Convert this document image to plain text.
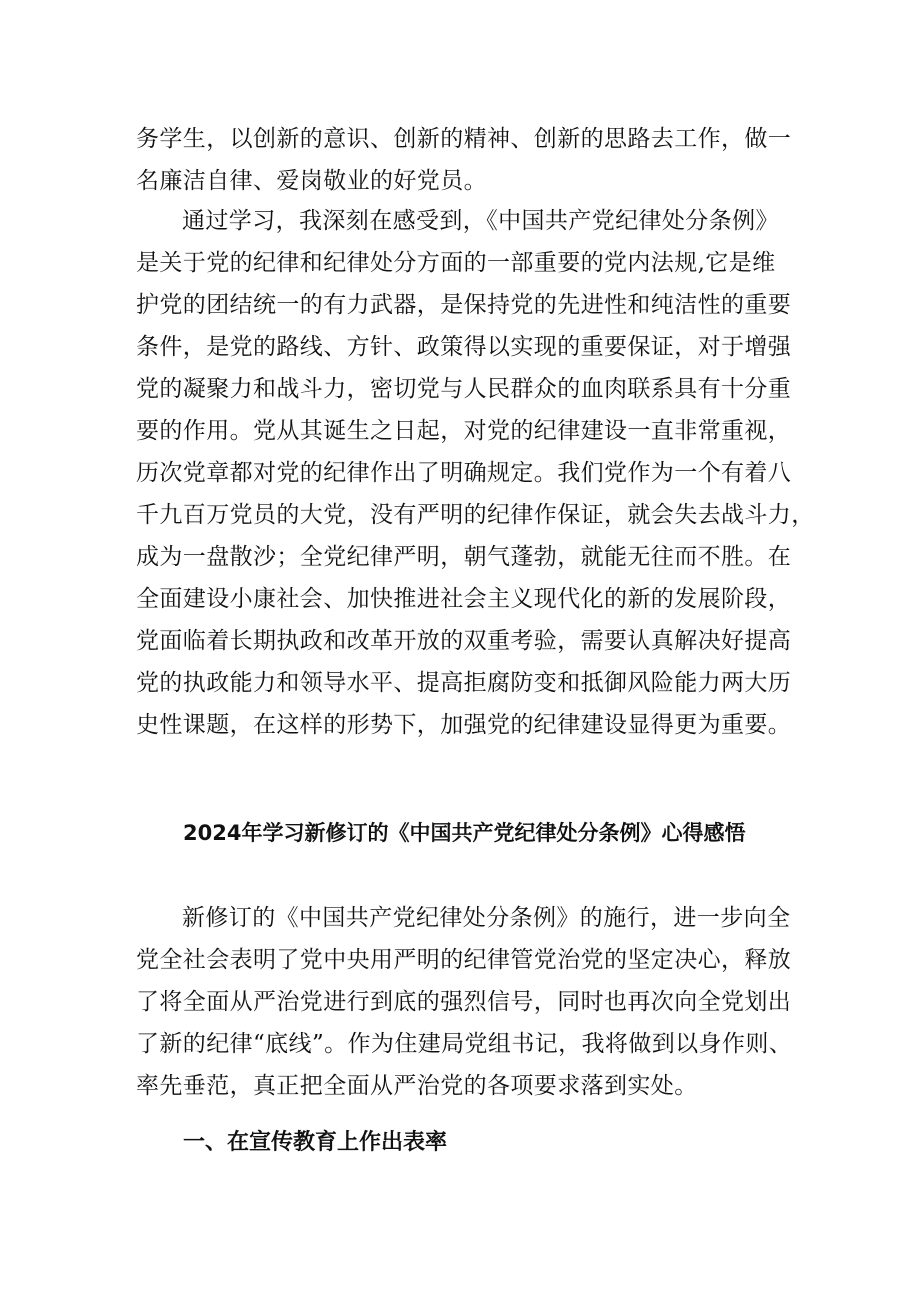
务学生，以创新的意识、创新的精神、创新的思路去工作，做一
名廉洁自律、爱岗敬业的好党员。
通过学习，我深刻在感受到，《中国共产党纪律处分条例》
是关于党的纪律和纪律处分方面的一部重要的党内法规,它是维
护党的团结统一的有力武器，是保持党的先进性和纯洁性的重要
条件，是党的路线、方针、政策得以实现的重要保证，对于增强
党的凝聚力和战斗力，密切党与人民群众的血肉联系具有十分重
要的作用。党从其诞生之日起，对党的纪律建设一直非常重视，
历次党章都对党的纪律作出了明确规定。我们党作为一个有着八
千九百万党员的大党，没有严明的纪律作保证，就会失去战斗力，
成为一盘散沙；全党纪律严明，朝气蓬勃，就能无往而不胜。在
全面建设小康社会、加快推进社会主义现代化的新的发展阶段，
党面临着长期执政和改革开放的双重考验，需要认真解决好提高
党的执政能力和领导水平、提高拒腐防变和抵御风险能力两大历
史性课题，在这样的形势下，加强党的纪律建设显得更为重要。
2024年学习新修订的《中国共产党纪律处分条例》心得感悟
新修订的《中国共产党纪律处分条例》的施行，进一步向全
党全社会表明了党中央用严明的纪律管党治党的坚定决心，释放
了将全面从严治党进行到底的强烈信号，同时也再次向全党划出
了新的纪律“底线”。作为住建局党组书记，我将做到以身作则、
率先垂范，真正把全面从严治党的各项要求落到实处。
一、在宣传教育上作出表率
